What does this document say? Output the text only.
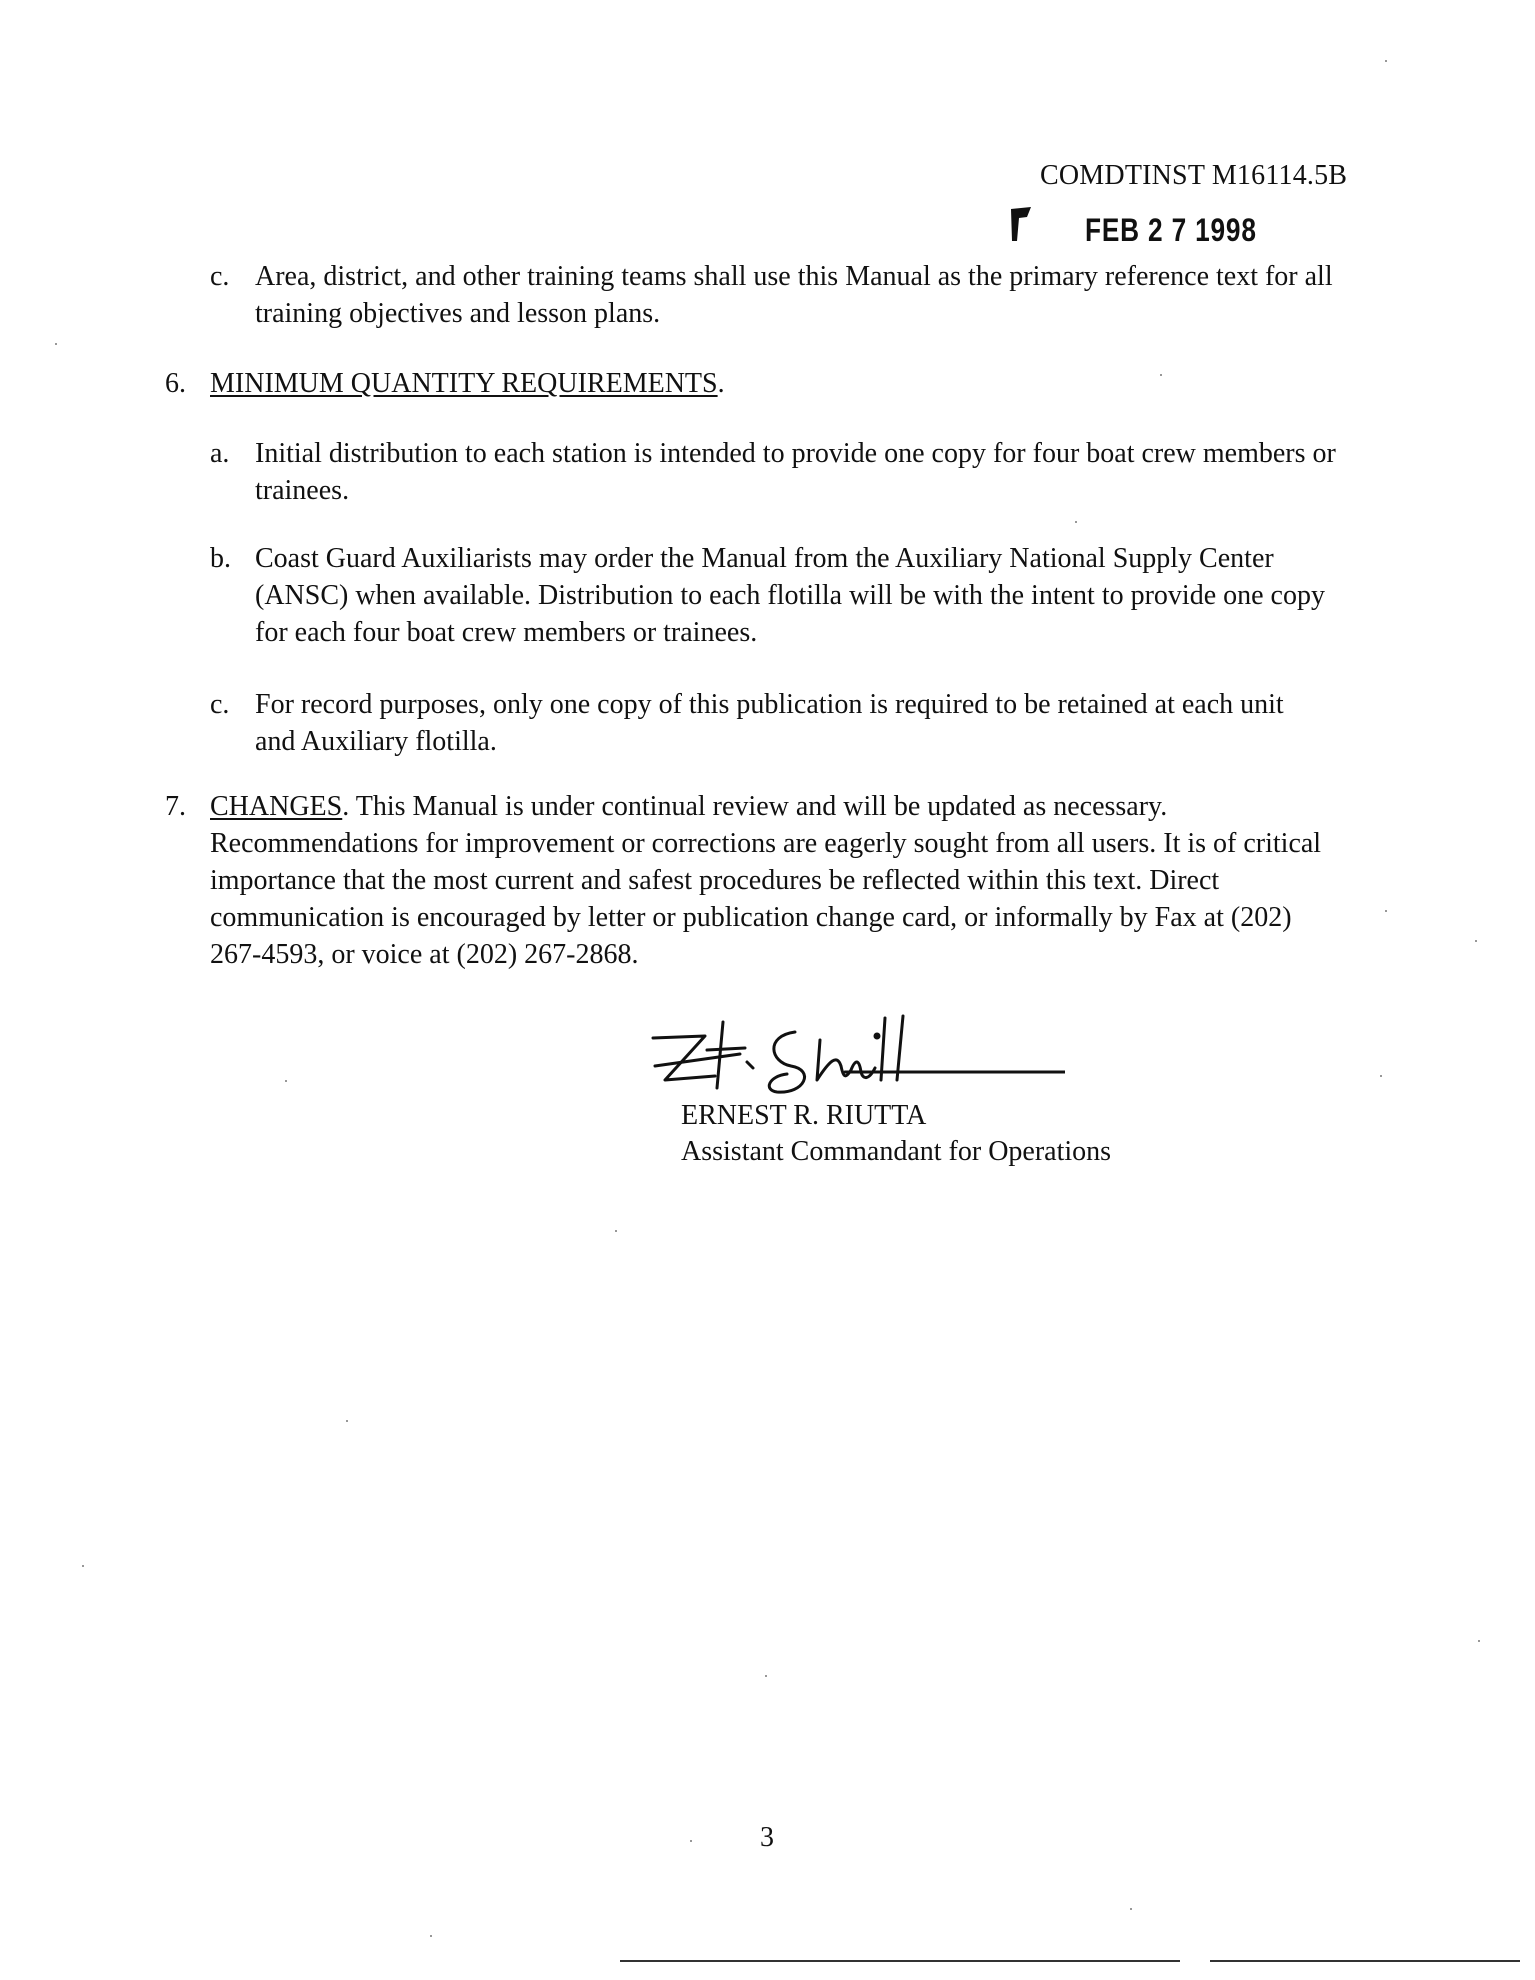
COMDTINST M16114.5B
FEB 2 7 1998
c. Area, district, and other training teams shall use this Manual as the primary reference text for all training objectives and lesson plans.
6. MINIMUM QUANTITY REQUIREMENTS.
a. Initial distribution to each station is intended to provide one copy for four boat crew members or trainees.
b. Coast Guard Auxiliarists may order the Manual from the Auxiliary National Supply Center (ANSC) when available. Distribution to each flotilla will be with the intent to provide one copy for each four boat crew members or trainees.
c. For record purposes, only one copy of this publication is required to be retained at each unit and Auxiliary flotilla.
7. CHANGES. This Manual is under continual review and will be updated as necessary. Recommendations for improvement or corrections are eagerly sought from all users. It is of critical importance that the most current and safest procedures be reflected within this text. Direct communication is encouraged by letter or publication change card, or informally by Fax at (202) 267-4593, or voice at (202) 267-2868.
ERNEST R. RIUTTA
Assistant Commandant for Operations
3
